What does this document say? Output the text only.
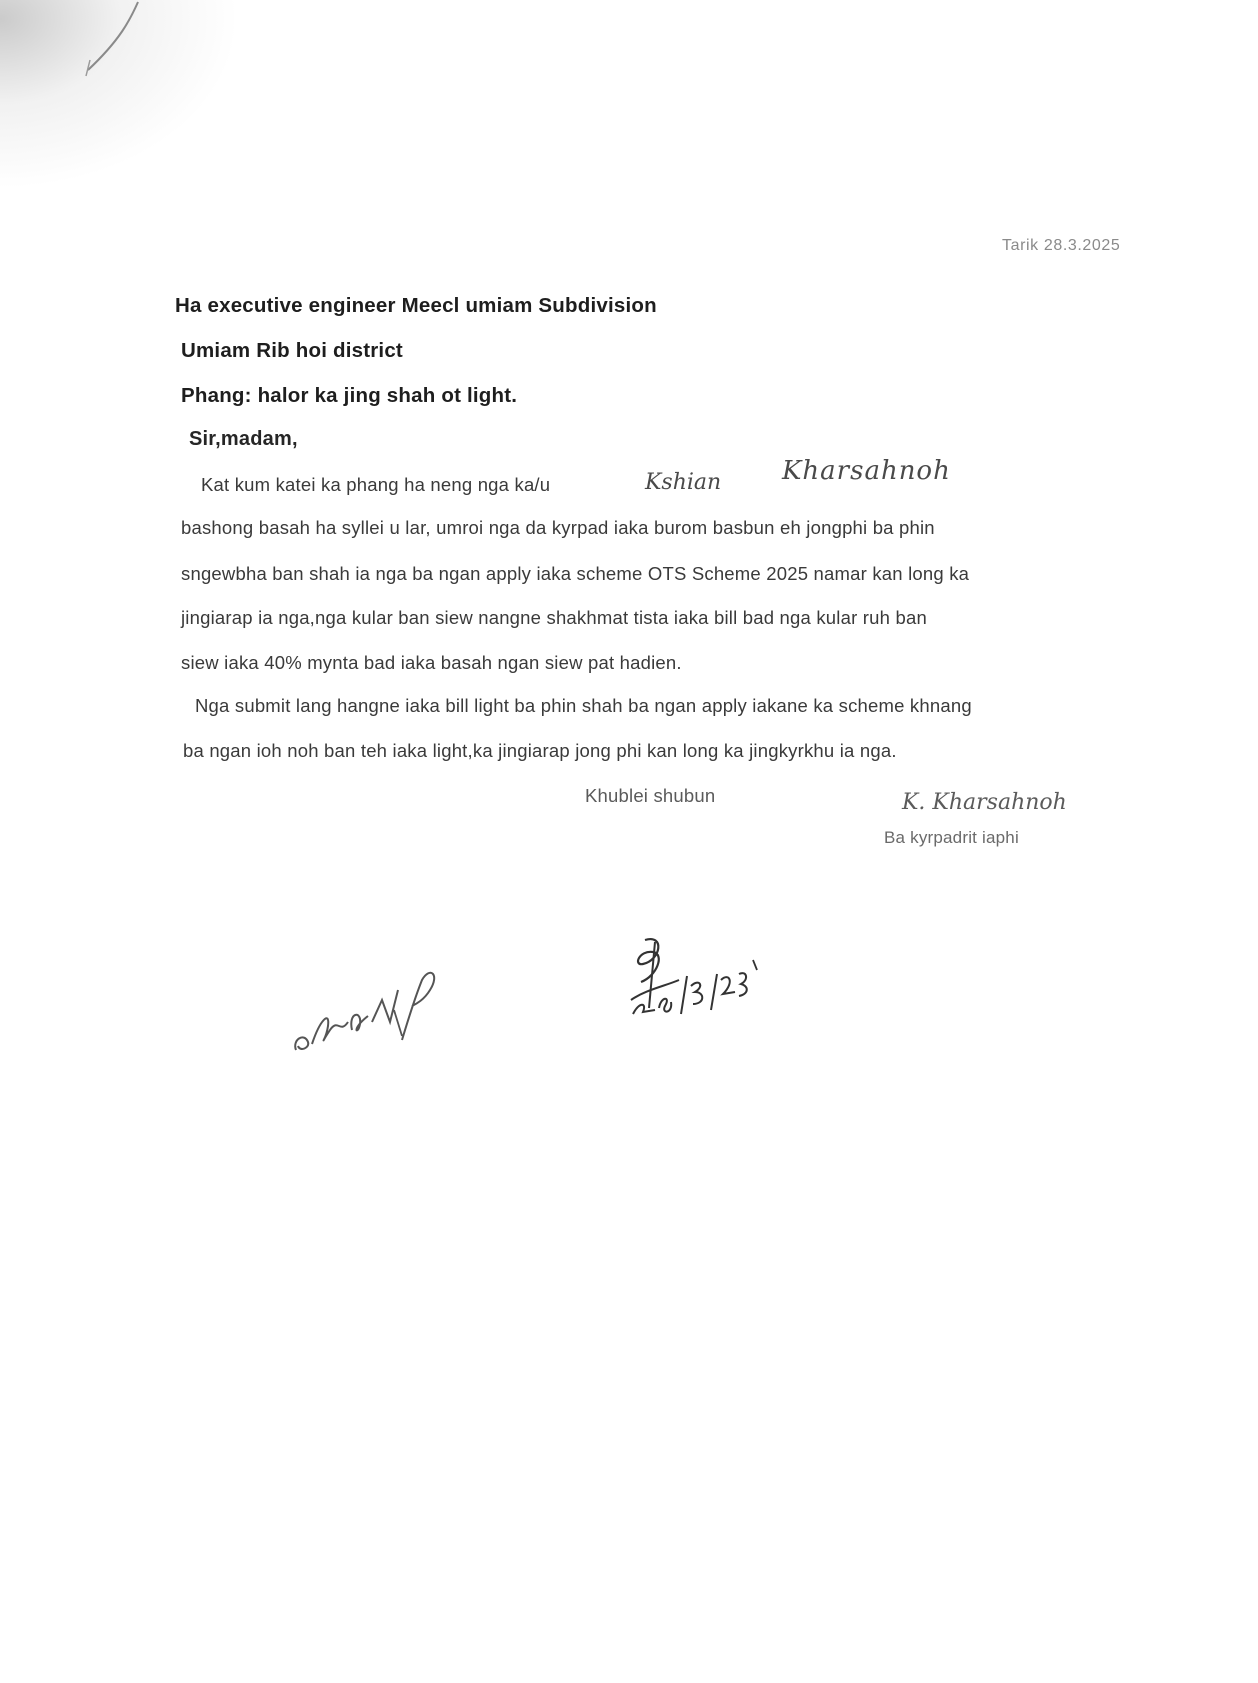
Tarik 28.3.2025
Ha executive engineer Meecl umiam Subdivision
Umiam Rib hoi district
Phang: halor ka jing shah ot light.
Sir,madam,
Kat kum katei ka phang ha neng nga ka/u	Kshian Kharsahnoh
bashong basah ha syllei u lar, umroi nga da kyrpad iaka burom basbun eh jongphi ba phin
sngewbha ban shah ia nga ba ngan apply iaka scheme OTS Scheme 2025 namar kan long ka
jingiarap ia nga,nga kular ban siew nangne shakhmat tista iaka bill bad nga kular ruh ban
siew iaka 40% mynta bad iaka basah ngan siew pat hadien.
Nga submit lang hangne iaka bill light ba phin shah ba ngan apply iakane ka scheme khnang
ba ngan ioh noh ban teh iaka light,ka jingiarap jong phi kan long ka jingkyrkhu ia nga.
Khublei shubun	K. Kharsahnoh
Ba kyrpadrit iaphi
